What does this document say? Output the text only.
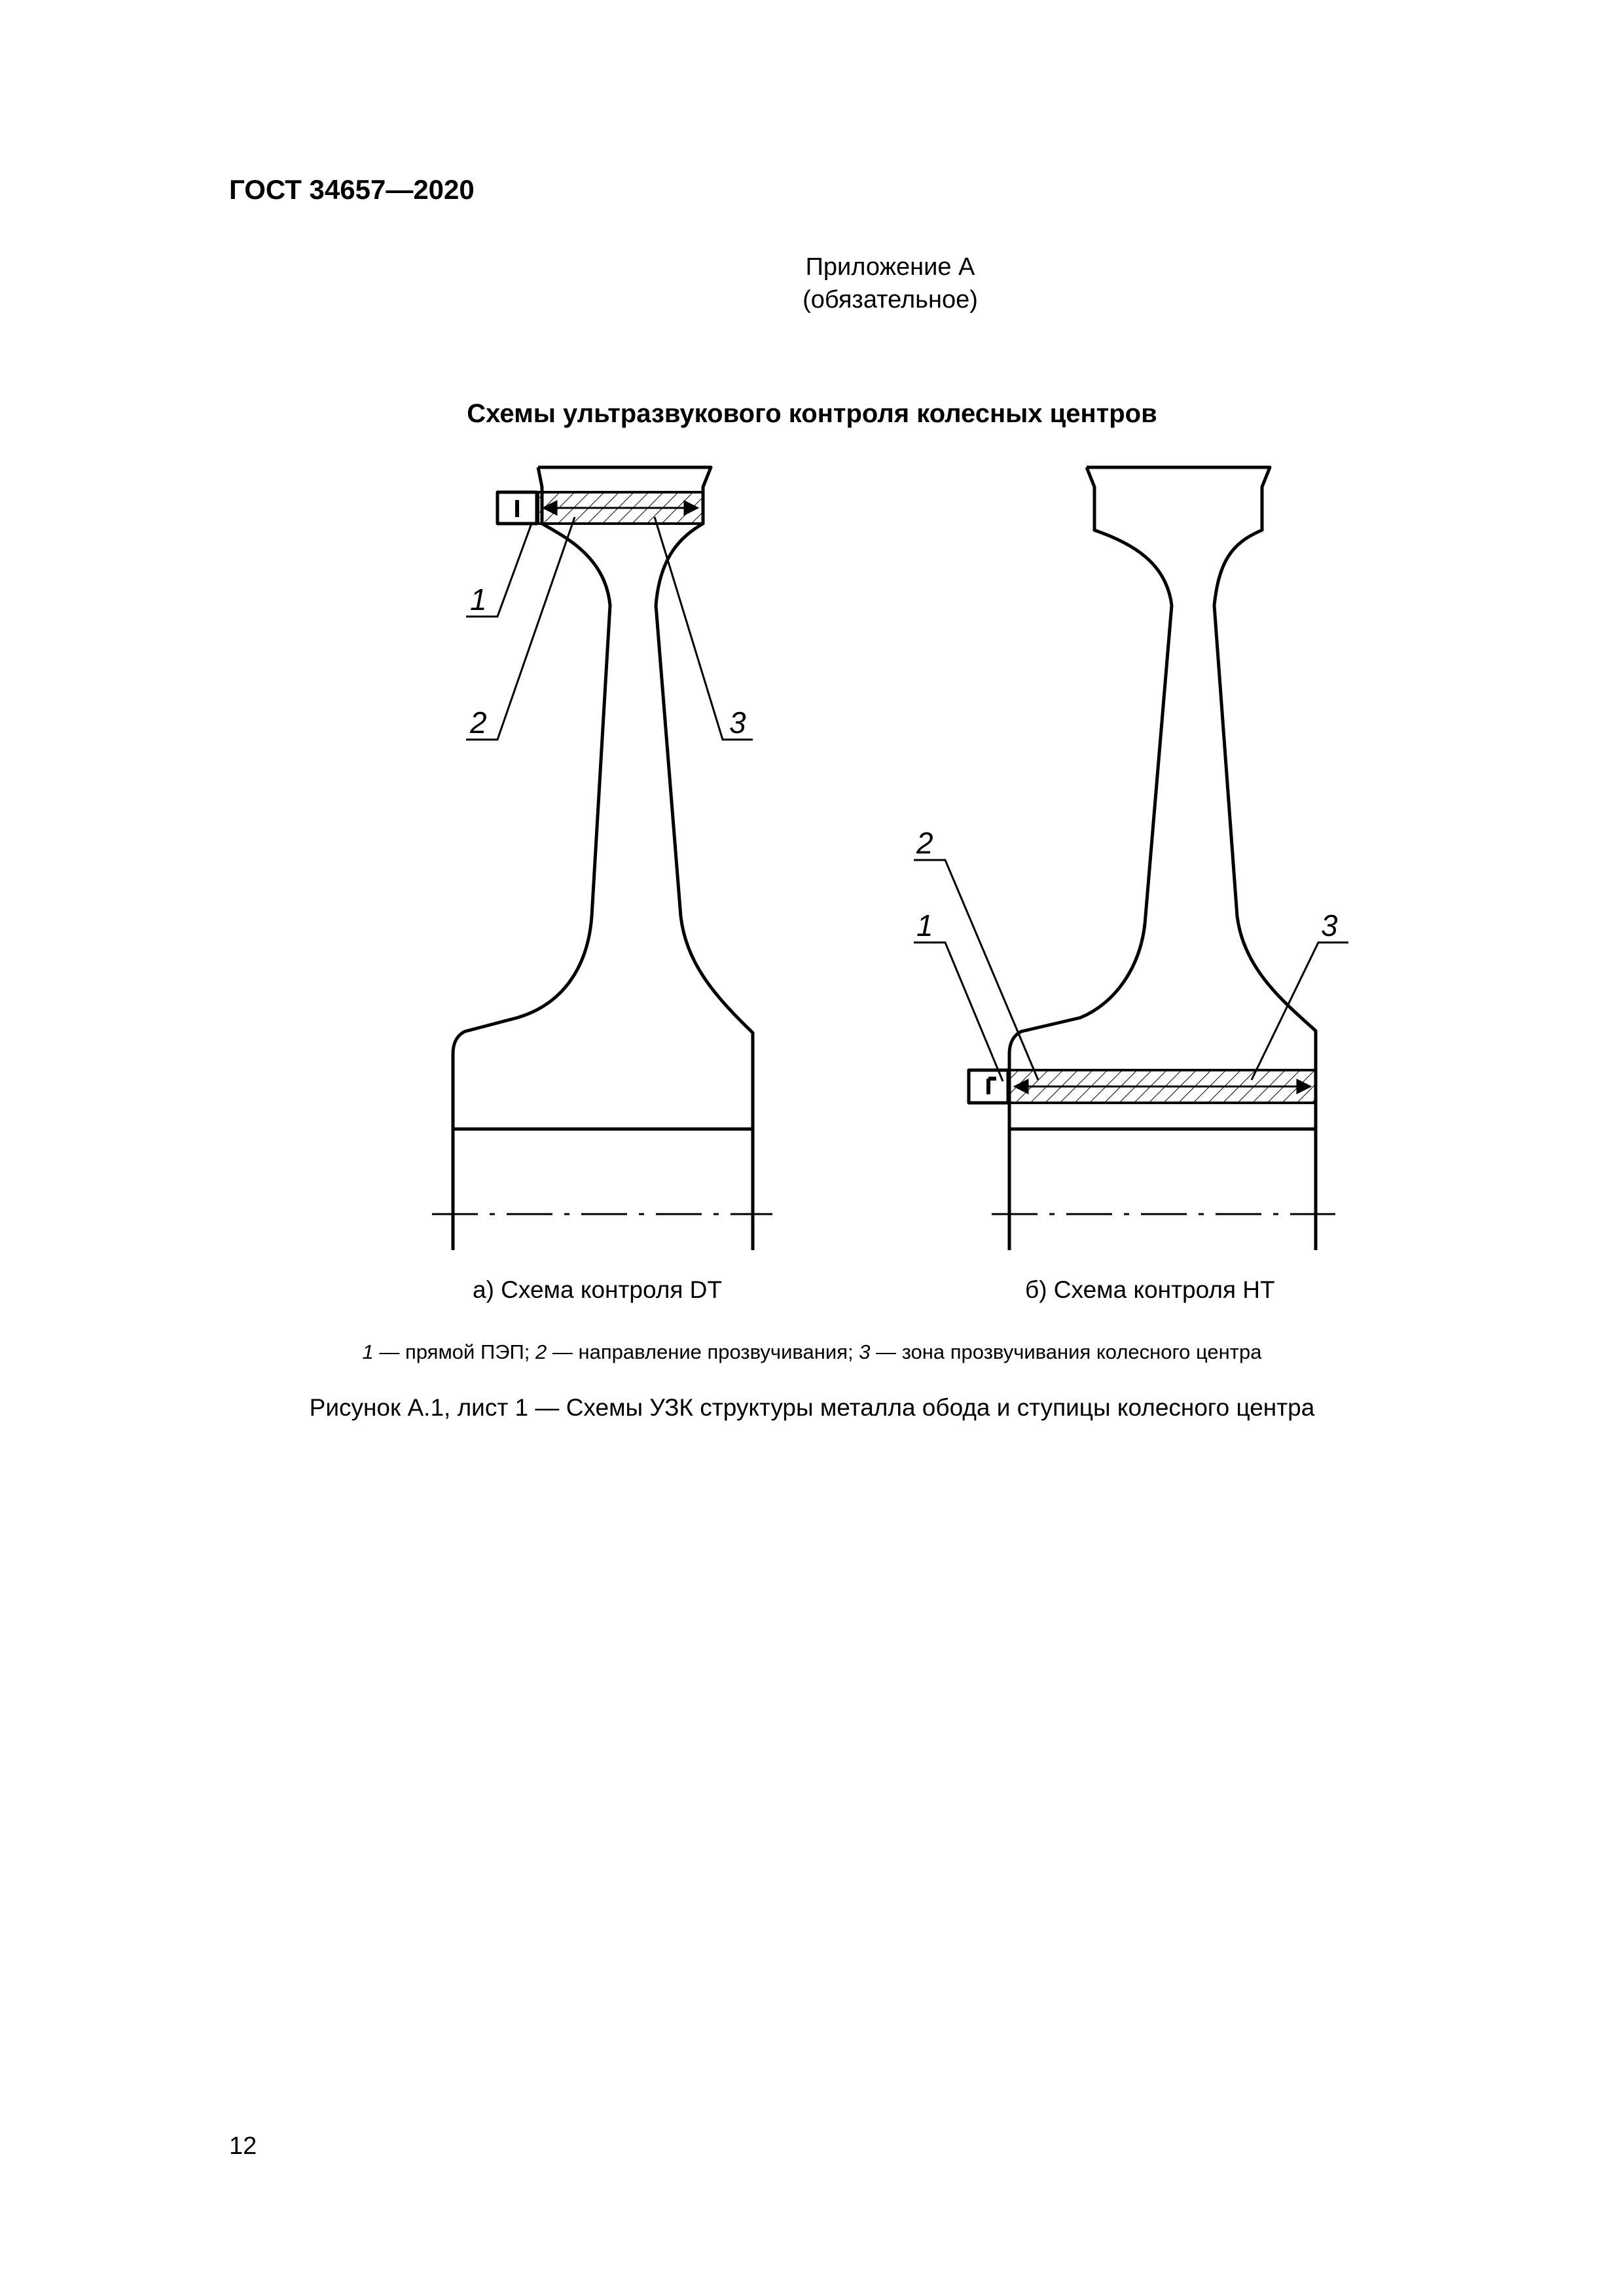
ГОСТ 34657—2020
Приложение А
(обязательное)
Схемы ультразвукового контроля колесных центров
1
2	3
2
1	3
а) Схема контроля DT	б) Схема контроля HT
1 — прямой ПЭП; 2 — направление прозвучивания; 3 — зона прозвучивания колесного центра
Рисунок А.1, лист 1 — Схемы УЗК структуры металла обода и ступицы колесного центра
12
